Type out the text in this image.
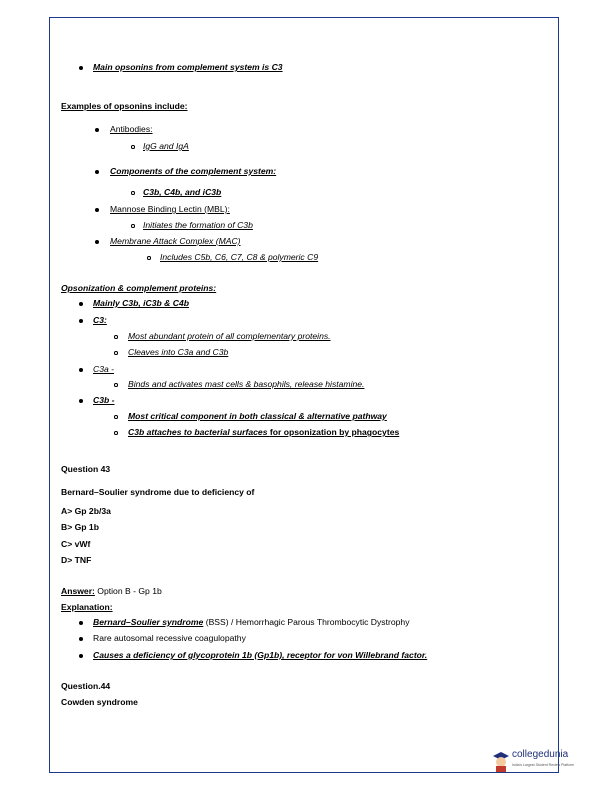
Main opsonins from complement system is C3
Examples of opsonins include:
Antibodies:
IgG and IgA
Components of the complement system:
C3b, C4b, and iC3b
Mannose Binding Lectin (MBL):
Initiates the formation of C3b
Membrane Attack Complex (MAC)
Includes C5b, C6, C7, C8 & polymeric C9
Opsonization & complement proteins:
Mainly C3b, iC3b & C4b
C3:
Most abundant protein of all complementary proteins.
Cleaves into C3a and C3b
C3a -
Binds and activates mast cells & basophils, release histamine.
C3b -
Most critical component in both classical & alternative pathway
C3b attaches to bacterial surfaces for opsonization by phagocytes
Question 43
Bernard–Soulier syndrome due to deficiency of
A> Gp 2b/3a
B> Gp 1b
C> vWf
D> TNF
Answer: Option B - Gp 1b
Explanation:
Bernard–Soulier syndrome (BSS) / Hemorrhagic Parous Thrombocytic Dystrophy
Rare autosomal recessive coagulopathy
Causes a deficiency of glycoprotein 1b (Gp1b), receptor for von Willebrand factor.
Question.44
Cowden syndrome
collegedunia
India's Largest Student Review Platform
